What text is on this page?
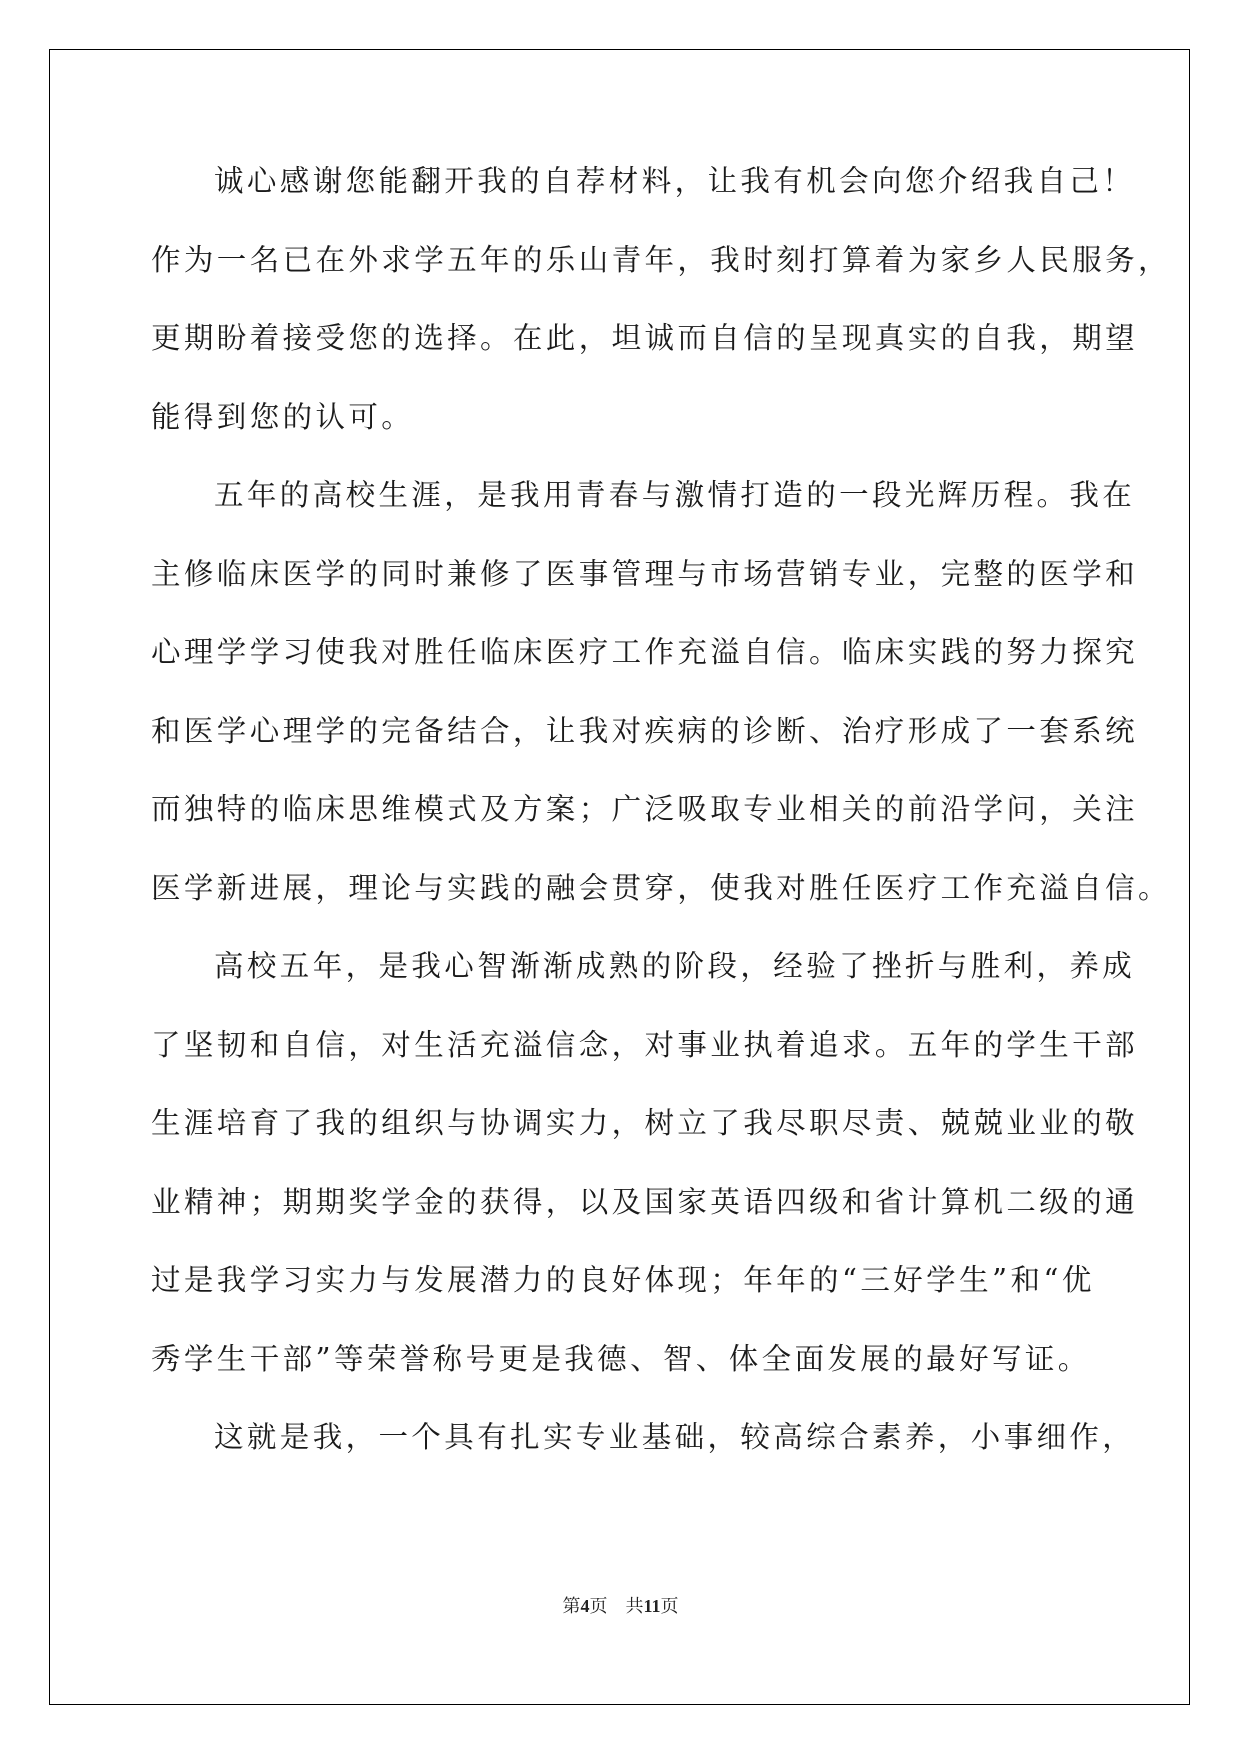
诚心感谢您能翻开我的自荐材料，让我有机会向您介绍我自己！
作为一名已在外求学五年的乐山青年，我时刻打算着为家乡人民服务，
更期盼着接受您的选择。在此，坦诚而自信的呈现真实的自我，期望
能得到您的认可。
五年的高校生涯，是我用青春与激情打造的一段光辉历程。我在
主修临床医学的同时兼修了医事管理与市场营销专业，完整的医学和
心理学学习使我对胜任临床医疗工作充溢自信。临床实践的努力探究
和医学心理学的完备结合，让我对疾病的诊断、治疗形成了一套系统
而独特的临床思维模式及方案；广泛吸取专业相关的前沿学问，关注
医学新进展，理论与实践的融会贯穿，使我对胜任医疗工作充溢自信。
高校五年，是我心智渐渐成熟的阶段，经验了挫折与胜利，养成
了坚韧和自信，对生活充溢信念，对事业执着追求。五年的学生干部
生涯培育了我的组织与协调实力，树立了我尽职尽责、兢兢业业的敬
业精神；期期奖学金的获得，以及国家英语四级和省计算机二级的通
过是我学习实力与发展潜力的良好体现；年年的“三好学生”和“优
秀学生干部”等荣誉称号更是我德、智、体全面发展的最好写证。
这就是我，一个具有扎实专业基础，较高综合素养，小事细作，
第4页 共11页
